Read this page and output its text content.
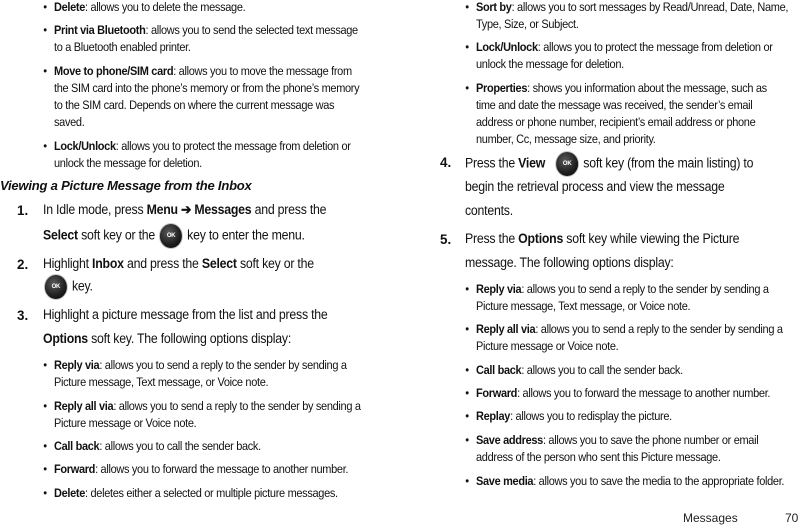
• Delete: allows you to delete the message.
• Print via Bluetooth: allows you to send the selected text message
to a Bluetooth enabled printer.
• Move to phone/SIM card: allows you to move the message from
the SIM card into the phone’s memory or from the phone’s memory
to the SIM card. Depends on where the current message was
saved.
• Lock/Unlock: allows you to protect the message from deletion or
unlock the message for deletion.
Viewing a Picture Message from the Inbox
1. In Idle mode, press Menu ➔ Messages and press the
Select soft key or the OK key to enter the menu.
2. Highlight Inbox and press the Select soft key or the
OK key.
3. Highlight a picture message from the list and press the
Options soft key. The following options display:
• Reply via: allows you to send a reply to the sender by sending a
Picture message, Text message, or Voice note.
• Reply all via: allows you to send a reply to the sender by sending a
Picture message or Voice note.
• Call back: allows you to call the sender back.
• Forward: allows you to forward the message to another number.
• Delete: deletes either a selected or multiple picture messages.
• Sort by: allows you to sort messages by Read/Unread, Date, Name,
Type, Size, or Subject.
• Lock/Unlock: allows you to protect the message from deletion or
unlock the message for deletion.
• Properties: shows you information about the message, such as
time and date the message was received, the sender’s email
address or phone number, recipient’s email address or phone
number, Cc, message size, and priority.
4. Press the View	OK soft key (from the main listing) to
begin the retrieval process and view the message
contents.
5. Press the Options soft key while viewing the Picture
message. The following options display:
• Reply via: allows you to send a reply to the sender by sending a
Picture message, Text message, or Voice note.
• Reply all via: allows you to send a reply to the sender by sending a
Picture message or Voice note.
• Call back: allows you to call the sender back.
• Forward: allows you to forward the message to another number.
• Replay: allows you to redisplay the picture.
• Save address: allows you to save the phone number or email
address of the person who sent this Picture message.
• Save media: allows you to save the media to the appropriate folder.
Messages	70
